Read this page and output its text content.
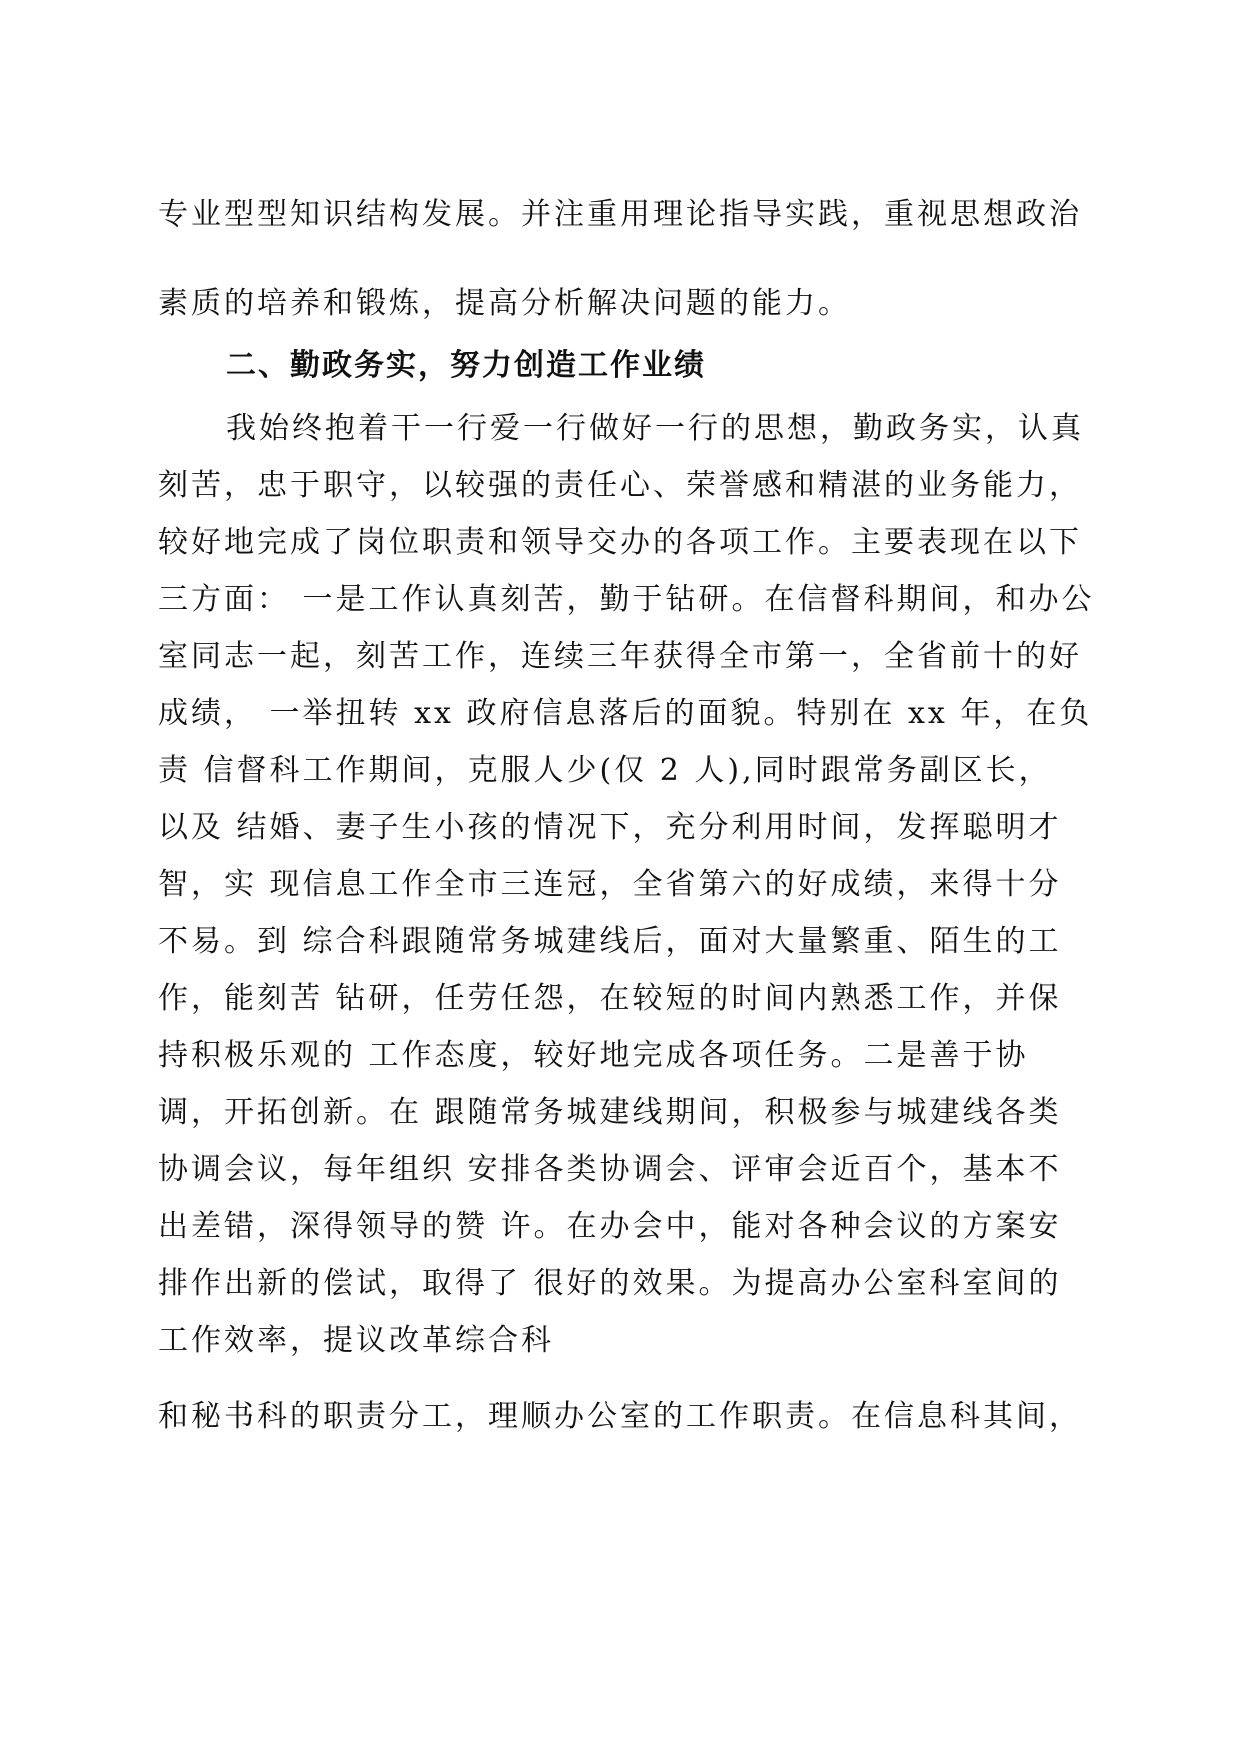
专业型型知识结构发展。并注重用理论指导实践，重视思想政治
素质的培养和锻炼，提高分析解决问题的能力。
二、勤政务实，努力创造工作业绩
我始终抱着干一行爱一行做好一行的思想，勤政务实，认真
刻苦，忠于职守，以较强的责任心、荣誉感和精湛的业务能力，
较好地完成了岗位职责和领导交办的各项工作。主要表现在以下
三方面： 一是工作认真刻苦，勤于钻研。在信督科期间，和办公
室同志一起，刻苦工作，连续三年获得全市第一，全省前十的好
成绩， 一举扭转 xx 政府信息落后的面貌。特别在 xx 年，在负
责 信督科工作期间，克服人少(仅 2 人),同时跟常务副区长，
以及 结婚、妻子生小孩的情况下，充分利用时间，发挥聪明才
智，实 现信息工作全市三连冠，全省第六的好成绩，来得十分
不易。到 综合科跟随常务城建线后，面对大量繁重、陌生的工
作，能刻苦 钻研，任劳任怨，在较短的时间内熟悉工作，并保
持积极乐观的 工作态度，较好地完成各项任务。二是善于协
调，开拓创新。在 跟随常务城建线期间，积极参与城建线各类
协调会议，每年组织 安排各类协调会、评审会近百个，基本不
出差错，深得领导的赞 许。在办会中，能对各种会议的方案安
排作出新的偿试，取得了 很好的效果。为提高办公室科室间的
工作效率，提议改革综合科
和秘书科的职责分工，理顺办公室的工作职责。在信息科其间，
